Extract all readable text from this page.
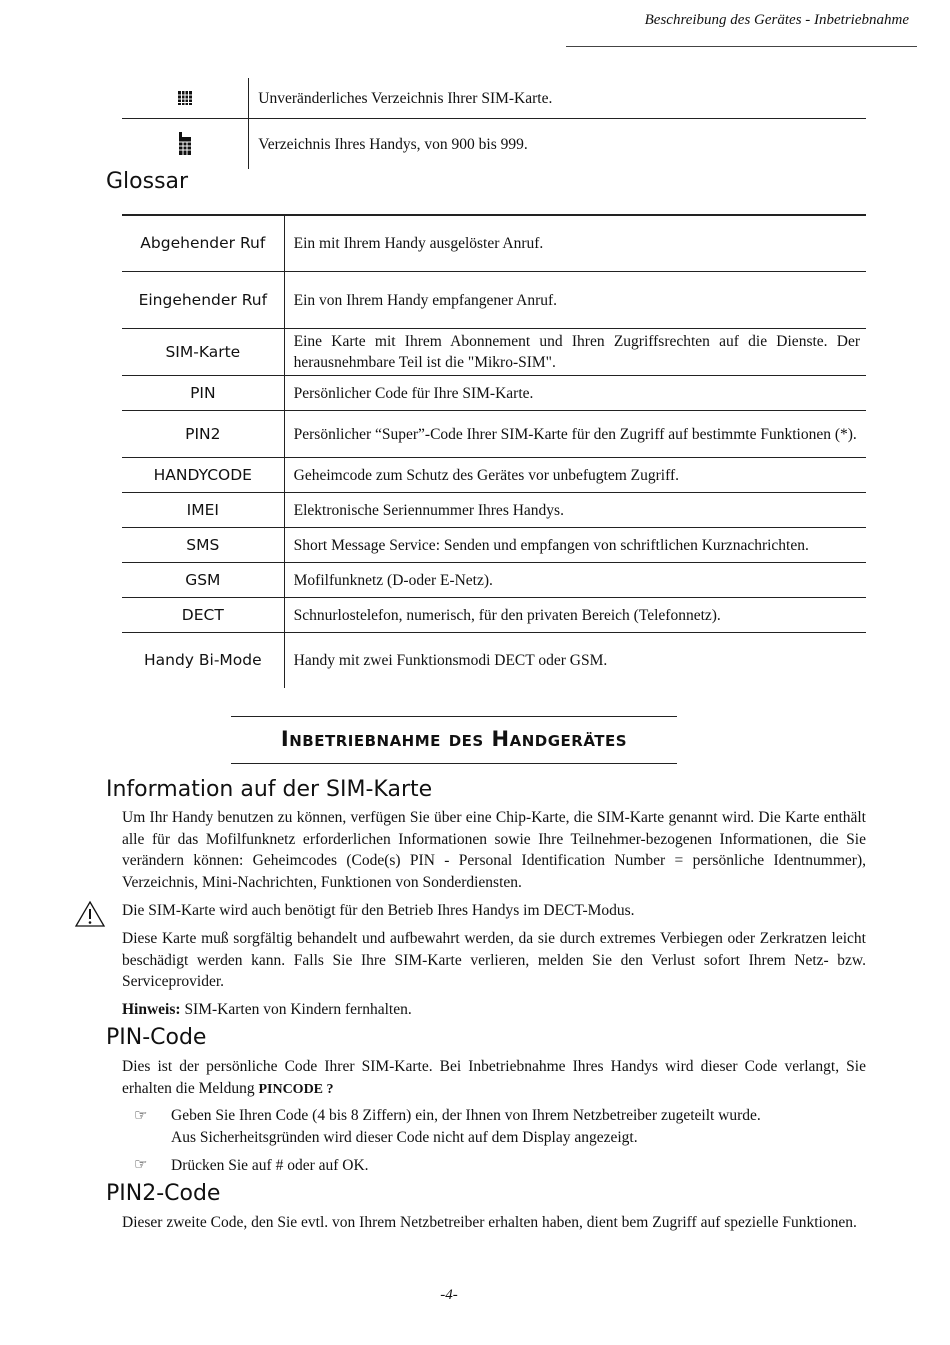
Beschreibung des Gerätes - Inbetriebnahme
	Unveränderliches Verzeichnis Ihrer SIM-Karte.
	Verzeichnis Ihres Handys, von 900 bis 999.
Glossar
Abgehender Ruf	Ein mit Ihrem Handy ausgelöster Anruf.
Eingehender Ruf	Ein von Ihrem Handy empfangener Anruf.
SIM-Karte	Eine Karte mit Ihrem Abonnement und Ihren Zugriffsrechten auf die Dienste. Der herausnehmbare Teil ist die "Mikro-SIM".
PIN	Persönlicher Code für Ihre SIM-Karte.
PIN2	Persönlicher “Super”-Code Ihrer SIM-Karte für den Zugriff auf bestimmte Funktionen (*).
HANDYCODE	Geheimcode zum Schutz des Gerätes vor unbefugtem Zugriff.
IMEI	Elektronische Seriennummer Ihres Handys.
SMS	Short Message Service: Senden und empfangen von schriftlichen Kurznachrichten.
GSM	Mofilfunknetz (D-oder E-Netz).
DECT	Schnurlostelefon, numerisch, für den privaten Bereich (Telefonnetz).
Handy Bi-Mode	Handy mit zwei Funktionsmodi DECT oder GSM.
Inbetriebnahme des Handgerätes
Information auf der SIM-Karte

Um Ihr Handy benutzen zu können, verfügen Sie über eine Chip-Karte, die SIM-Karte genannt wird. Die Karte enthält alle für das Mofilfunknetz erforderlichen Informationen sowie Ihre Teilnehmer-bezogenen Informationen, die Sie verändern können: Geheimcodes (Code(s) PIN - Personal Identification Number = persönliche Identnummer), Verzeichnis, Mini-Nachrichten, Funktionen von Sonderdiensten.

Die SIM-Karte wird auch benötigt für den Betrieb Ihres Handys im DECT-Modus.

Diese Karte muß sorgfältig behandelt und aufbewahrt werden, da sie durch extremes Verbiegen oder Zerkratzen leicht beschädigt werden kann. Falls Sie Ihre SIM-Karte verlieren, melden Sie den Verlust sofort Ihrem Netz- bzw. Serviceprovider.

Hinweis: SIM-Karten von Kindern fernhalten.

PIN-Code

Dies ist der persönliche Code Ihrer SIM-Karte. Bei Inbetriebnahme Ihres Handys wird dieser Code verlangt, Sie erhalten die Meldung PINCODE ?

☞ Geben Sie Ihren Code (4 bis 8 Ziffern) ein, der Ihnen von Ihrem Netzbetreiber zugeteilt wurde.
Aus Sicherheitsgründen wird dieser Code nicht auf dem Display angezeigt.

☞ Drücken Sie auf # oder auf OK.

PIN2-Code

Dieser zweite Code, den Sie evtl. von Ihrem Netzbetreiber erhalten haben, dient bem Zugriff auf spezielle Funktionen.

-4-
